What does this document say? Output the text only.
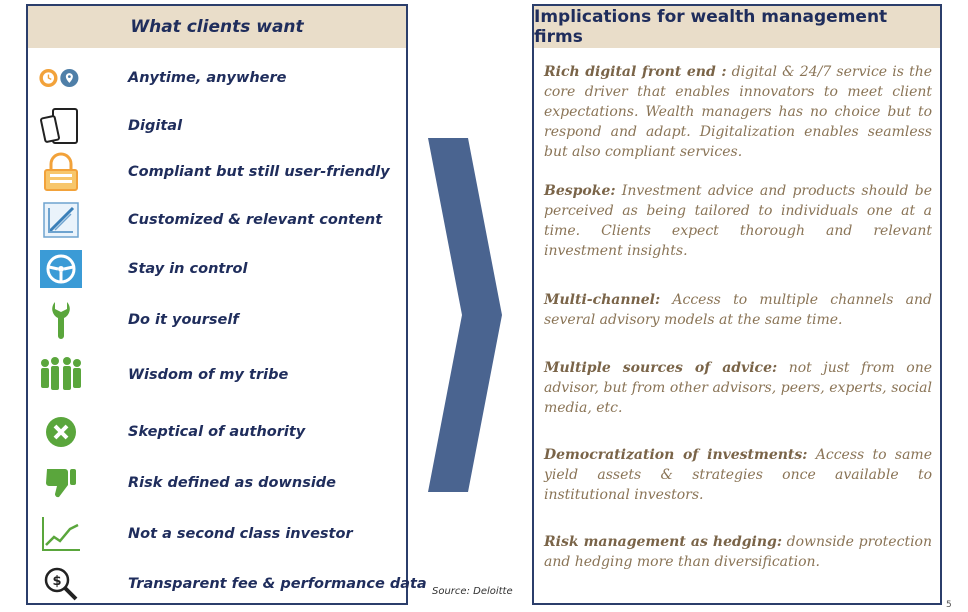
What clients want
Anytime, anywhere
Digital
Compliant but still user-friendly
Customized & relevant content
Stay in control
Do it yourself
Wisdom of my tribe
Skeptical of authority
Risk defined as downside
Not a second class investor
$	Transparent fee & performance data Source: Deloitte
Implications for wealth management firms
Rich digital front end : digital & 24/7 service is the core driver that enables innovators to meet client expectations. Wealth managers has no choice but to respond and adapt. Digitalization enables seamless but also compliant services.
Bespoke: Investment advice and products should be perceived as being tailored to individuals one at a time. Clients expect thorough and relevant investment insights.
Multi-channel: Access to multiple channels and several advisory models at the same time.
Multiple sources of advice: not just from one advisor, but from other advisors, peers, experts, social media, etc.
Democratization of investments: Access to same yield assets & strategies once available to institutional investors.
Risk management as hedging: downside protection and hedging more than diversification.
5
